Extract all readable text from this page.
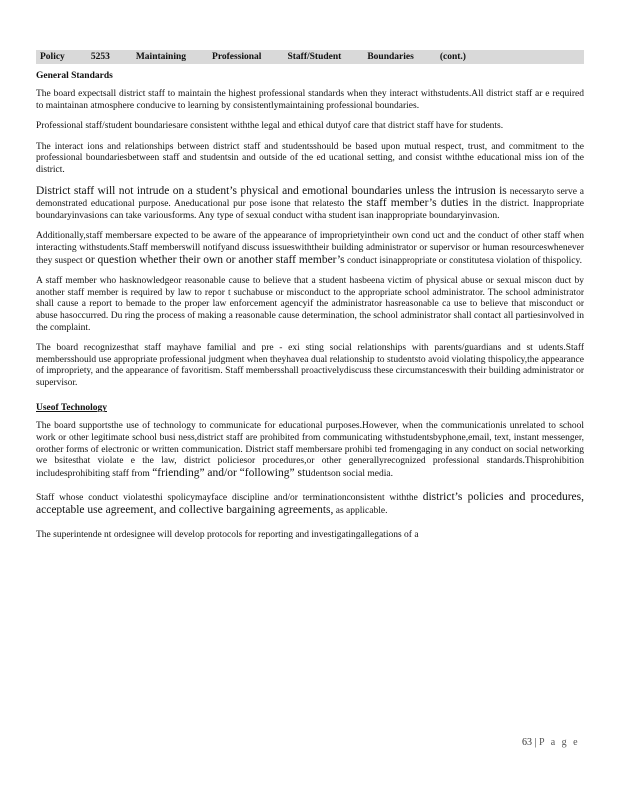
Policy	5253	Maintaining	Professional	Staff/Student	Boundaries	(cont.)
General Standards

The board expectsall district staff to maintain the highest professional standards when they interact withstudents.All district staff ar e required to maintainan atmosphere conducive to learning by consistentlymaintaining professional boundaries.

Professional staff/student boundariesare consistent withthe legal and ethical dutyof care that district staff have for students.

The interact ions and relationships between district staff and studentsshould be based upon mutual respect, trust, and commitment to the professional boundariesbetween staff and studentsin and outside of the ed ucational setting, and consist withthe educational miss ion of the district.

District staff will not intrude on a student’s physical and emotional boundaries unless the intrusion is necessaryto serve a demonstrated educational purpose. Aneducational pur pose isone that relatesto the staff member’s duties in the district. Inappropriate boundaryinvasions can take variousforms. Any type of sexual conduct witha student isan inappropriate boundaryinvasion.

Additionally,staff membersare expected to be aware of the appearance of improprietyintheir own cond uct and the conduct of other staff when interacting withstudents.Staff memberswill notifyand discuss issueswiththeir building administrator or supervisor or human resourceswhenever they suspect or question whether their own or another staff member’s conduct isinappropriate or constitutesa violation of thispolicy.

A staff member who hasknowledgeor reasonable cause to believe that a student hasbeena victim of physical abuse or sexual miscon duct by another staff member is required by law to repor t suchabuse or misconduct to the appropriate school administrator. The school administrator shall cause a report to bemade to the proper law enforcement agencyif the administrator hasreasonable ca use to believe that misconduct or abuse hasoccurred. Du ring the process of making a reasonable cause determination, the school administrator shall contact all partiesinvolved in the complaint.

The board recognizesthat staff mayhave familial and pre - exi sting social relationships with parents/guardians and st udents.Staff membersshould use appropriate professional judgment when theyhavea dual relationship to studentsto avoid violating thispolicy,the appearance of impropriety, and the appearance of favoritism. Staff membersshall proactivelydiscuss these circumstanceswith their building administrator or supervisor.

Useof Technology

The board supportsthe use of technology to communicate for educational purposes.However, when the communicationis unrelated to school work or other legitimate school busi ness,district staff are prohibited from communicating withstudentsbyphone,email, text, instant messenger, orother forms of electronic or written communication. District staff membersare prohibi ted fromengaging in any conduct on social networking we bsitesthat violate e the law, district policiesor procedures,or other generallyrecognized professional standards.Thisprohibition includesprohibiting staff from “friending” and/or “following” studentson social media.

Staff whose conduct violatesthi spolicymayface discipline and/or terminationconsistent withthe district’s policies and procedures, acceptable use agreement, and collective bargaining agreements, as applicable.

The superintende nt ordesignee will develop protocols for reporting and investigatingallegations of a

63 | P a g e
